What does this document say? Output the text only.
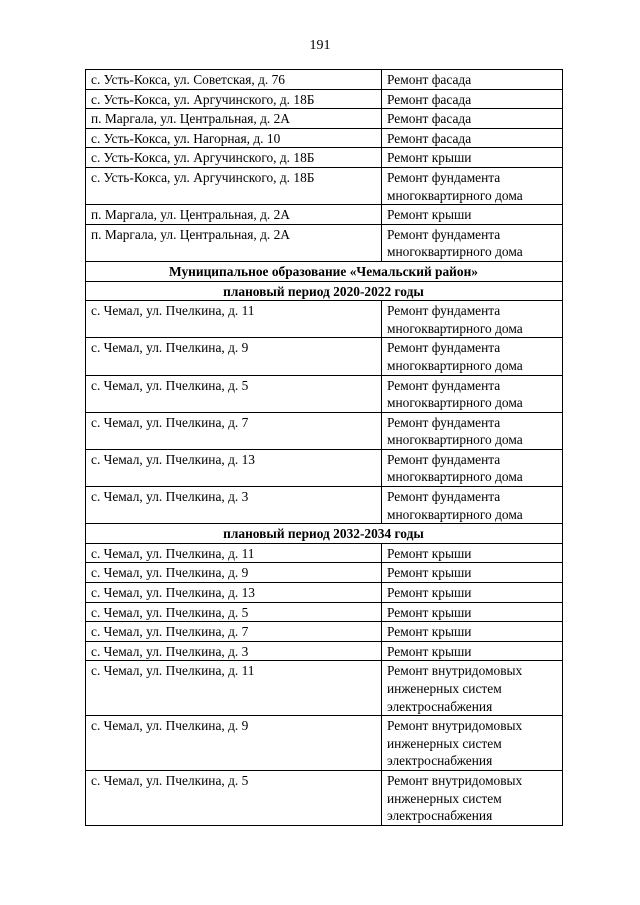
191
с. Усть-Кокса, ул. Советская, д. 76	Ремонт фасада
с. Усть-Кокса, ул. Аргучинского, д. 18Б	Ремонт фасада
п. Маргала, ул. Центральная, д. 2А	Ремонт фасада
с. Усть-Кокса, ул. Нагорная, д. 10	Ремонт фасада
с. Усть-Кокса, ул. Аргучинского, д. 18Б	Ремонт крыши
с. Усть-Кокса, ул. Аргучинского, д. 18Б	Ремонт фундамента
многоквартирного дома
п. Маргала, ул. Центральная, д. 2А	Ремонт крыши
п. Маргала, ул. Центральная, д. 2А	Ремонт фундамента
многоквартирного дома
Муниципальное образование «Чемальский район»	
плановый период 2020-2022 годы	
с. Чемал, ул. Пчелкина, д. 11	Ремонт фундамента
многоквартирного дома
с. Чемал, ул. Пчелкина, д. 9	Ремонт фундамента
многоквартирного дома
с. Чемал, ул. Пчелкина, д. 5	Ремонт фундамента
многоквартирного дома
с. Чемал, ул. Пчелкина, д. 7	Ремонт фундамента
многоквартирного дома
с. Чемал, ул. Пчелкина, д. 13	Ремонт фундамента
многоквартирного дома
с. Чемал, ул. Пчелкина, д. 3	Ремонт фундамента
многоквартирного дома
плановый период 2032-2034 годы	
с. Чемал, ул. Пчелкина, д. 11	Ремонт крыши
с. Чемал, ул. Пчелкина, д. 9	Ремонт крыши
с. Чемал, ул. Пчелкина, д. 13	Ремонт крыши
с. Чемал, ул. Пчелкина, д. 5	Ремонт крыши
с. Чемал, ул. Пчелкина, д. 7	Ремонт крыши
с. Чемал, ул. Пчелкина, д. 3	Ремонт крыши
с. Чемал, ул. Пчелкина, д. 11	Ремонт внутридомовых
инженерных систем
электроснабжения
с. Чемал, ул. Пчелкина, д. 9	Ремонт внутридомовых
инженерных систем
электроснабжения
с. Чемал, ул. Пчелкина, д. 5	Ремонт внутридомовых
инженерных систем
электроснабжения
